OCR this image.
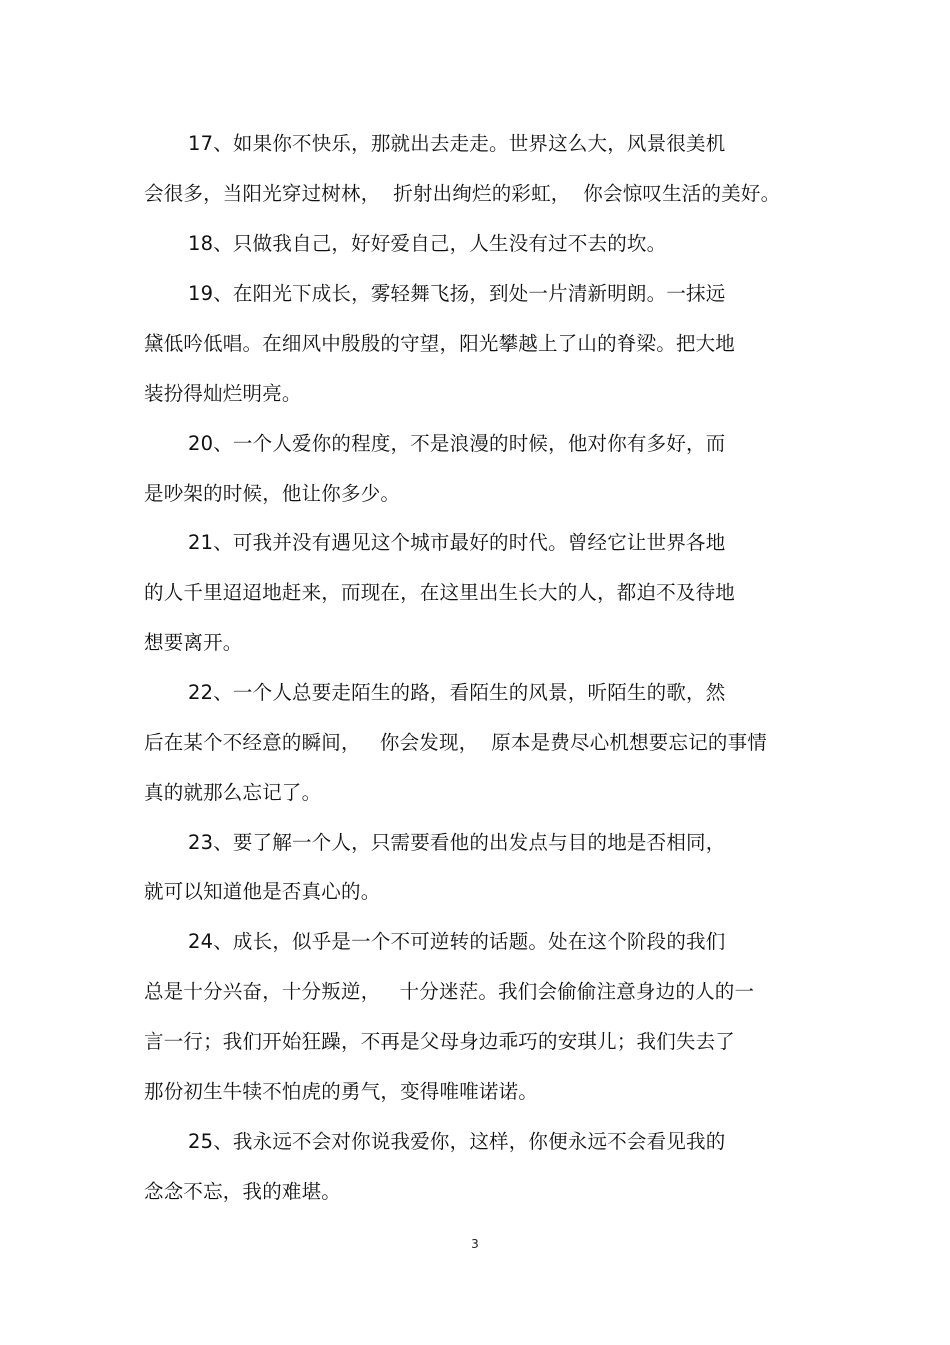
17、如果你不快乐，那就出去走走。世界这么大，风景很美机
会很多，当阳光穿过树林，  折射出绚烂的彩虹，  你会惊叹生活的美好。
18、只做我自己，好好爱自己，人生没有过不去的坎。
19、在阳光下成长，雾轻舞飞扬，到处一片清新明朗。一抹远
黛低吟低唱。在细风中殷殷的守望，阳光攀越上了山的脊梁。把大地
装扮得灿烂明亮。
20、一个人爱你的程度，不是浪漫的时候，他对你有多好，而
是吵架的时候，他让你多少。
21、可我并没有遇见这个城市最好的时代。曾经它让世界各地
的人千里迢迢地赶来，而现在，在这里出生长大的人，都迫不及待地
想要离开。
22、一个人总要走陌生的路，看陌生的风景，听陌生的歌，然
后在某个不经意的瞬间，   你会发现，  原本是费尽心机想要忘记的事情
真的就那么忘记了。
23、要了解一个人，只需要看他的出发点与目的地是否相同，
就可以知道他是否真心的。
24、成长，似乎是一个不可逆转的话题。处在这个阶段的我们
总是十分兴奋，十分叛逆，   十分迷茫。我们会偷偷注意身边的人的一
言一行；我们开始狂躁，不再是父母身边乖巧的安琪儿；我们失去了
那份初生牛犊不怕虎的勇气，变得唯唯诺诺。
25、我永远不会对你说我爱你，这样，你便永远不会看见我的
念念不忘，我的难堪。
3
